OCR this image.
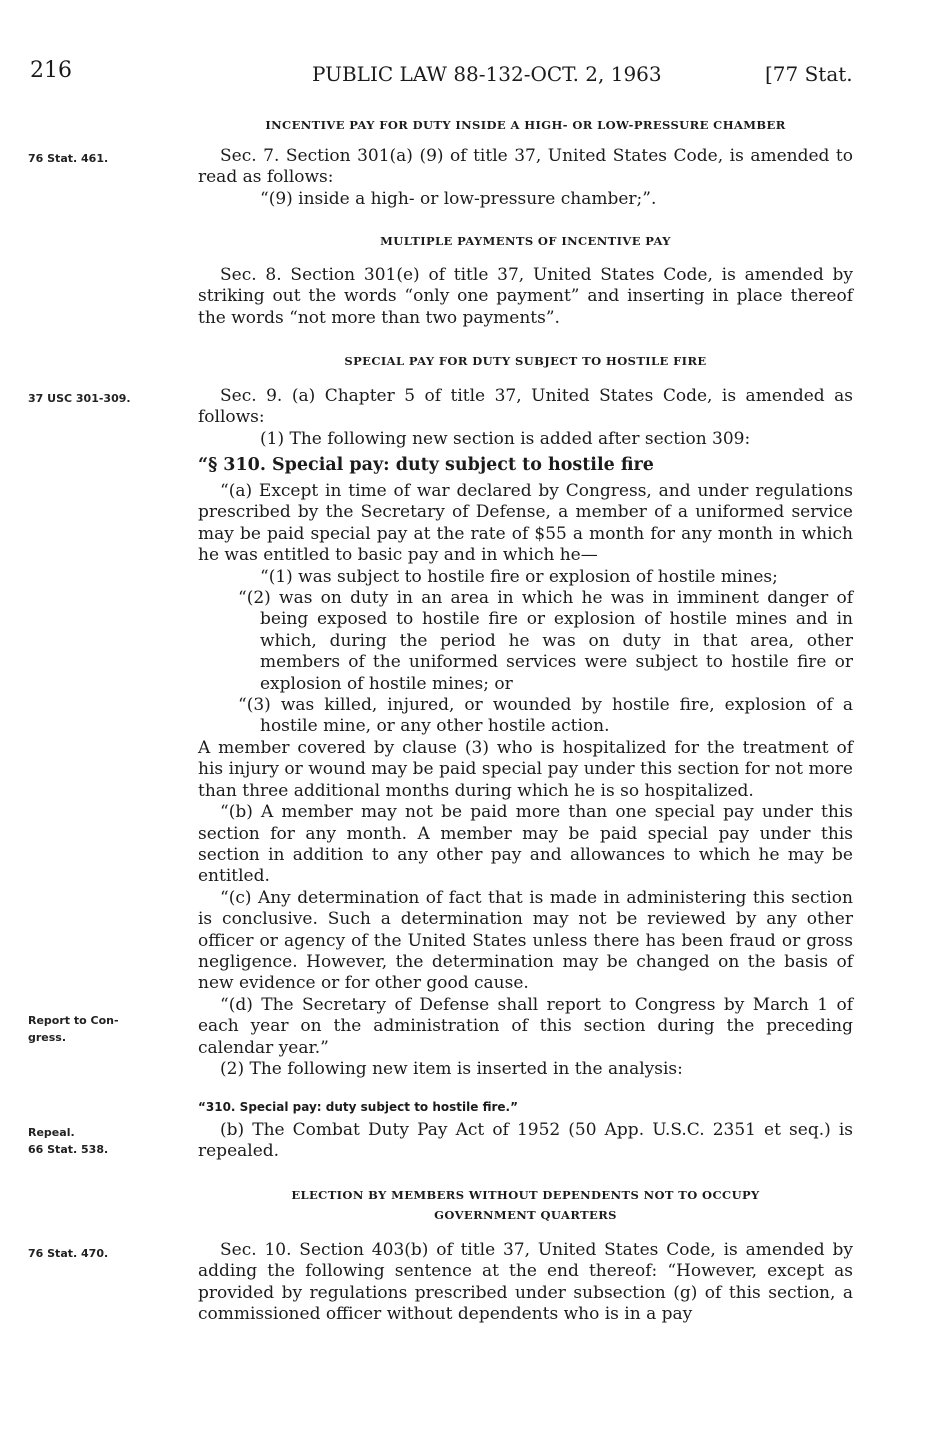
216	PUBLIC LAW 88-132-OCT. 2, 1963	[77 Stat.
INCENTIVE PAY FOR DUTY INSIDE A HIGH- OR LOW-PRESSURE CHAMBER
76 Stat. 461.	Sec. 7. Section 301(a) (9) of title 37, United States Code, is amended to read as follows:

“(9) inside a high- or low-pressure chamber;”.

MULTIPLE PAYMENTS OF INCENTIVE PAY

Sec. 8. Section 301(e) of title 37, United States Code, is amended by striking out the words “only one payment” and inserting in place thereof the words “not more than two payments”.

SPECIAL PAY FOR DUTY SUBJECT TO HOSTILE FIRE
37 USC 301-309.	Sec. 9. (a) Chapter 5 of title 37, United States Code, is amended as follows:

(1) The following new section is added after section 309:

“§ 310. Special pay: duty subject to hostile fire

“(a) Except in time of war declared by Congress, and under regulations prescribed by the Secretary of Defense, a member of a uniformed service may be paid special pay at the rate of $55 a month for any month in which he was entitled to basic pay and in which he—

“(1) was subject to hostile fire or explosion of hostile mines;

“(2) was on duty in an area in which he was in imminent danger of being exposed to hostile fire or explosion of hostile mines and in which, during the period he was on duty in that area, other members of the uniformed services were subject to hostile fire or explosion of hostile mines; or

“(3) was killed, injured, or wounded by hostile fire, explosion of a hostile mine, or any other hostile action.

A member covered by clause (3) who is hospitalized for the treatment of his injury or wound may be paid special pay under this section for not more than three additional months during which he is so hospitalized.

“(b) A member may not be paid more than one special pay under this section for any month. A member may be paid special pay under this section in addition to any other pay and allowances to which he may be entitled.

“(c) Any determination of fact that is made in administering this section is conclusive. Such a determination may not be reviewed by any other officer or agency of the United States unless there has been fraud or gross negligence. However, the determination may be changed on the basis of new evidence or for other good cause.

“(d) The Secretary of Defense shall report to Congress by March 1 of each year on the administration of this section during the preceding calendar year.”

(2) The following new item is inserted in the analysis:

Report to Con-
gress.
“310. Special pay: duty subject to hostile fire.”
Repeal.
66 Stat. 538.

(b) The Combat Duty Pay Act of 1952 (50 App. U.S.C. 2351 et seq.) is repealed.

ELECTION BY MEMBERS WITHOUT DEPENDENTS NOT TO OCCUPY
GOVERNMENT QUARTERS
76 Stat. 470.	Sec. 10. Section 403(b) of title 37, United States Code, is amended by adding the following sentence at the end thereof: “However, except as provided by regulations prescribed under subsection (g) of this section, a commissioned officer without dependents who is in a pay
